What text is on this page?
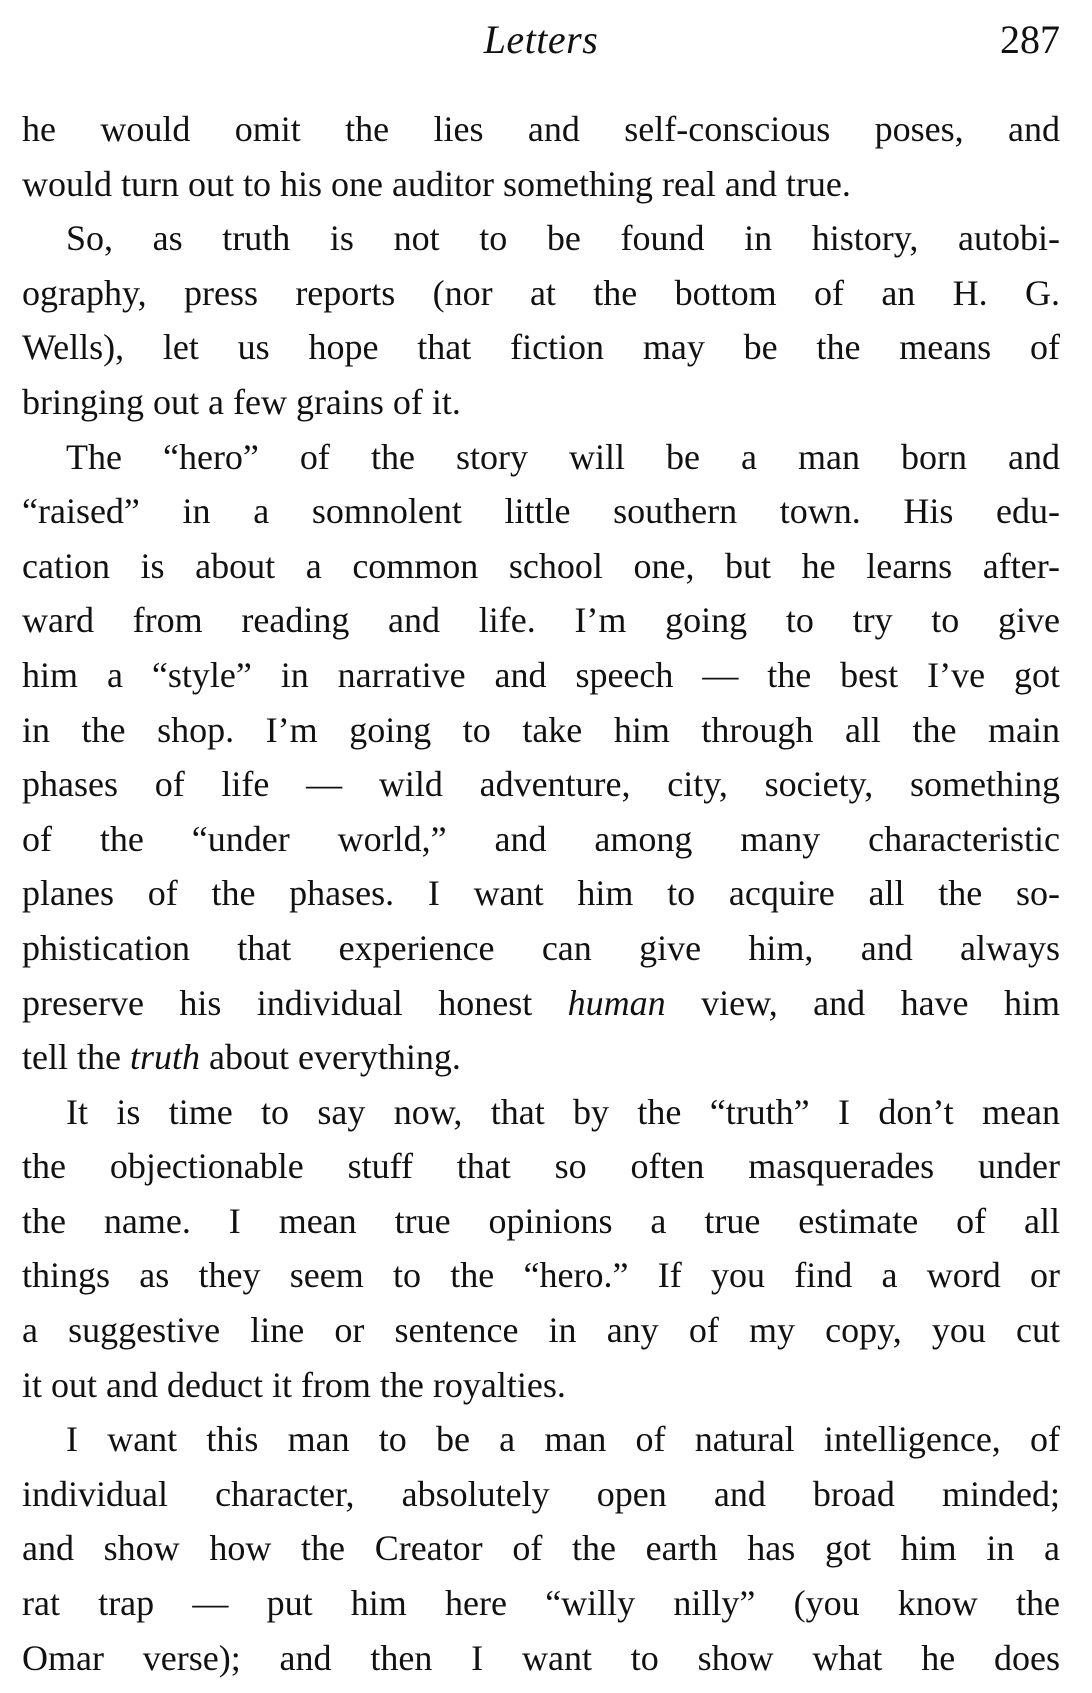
Letters	287

he would omit the lies and self-conscious poses, and

would turn out to his one auditor something real and true.

So, as truth is not to be found in history, autobi-

ography, press reports (nor at the bottom of an H. G.

Wells), let us hope that fiction may be the means of

bringing out a few grains of it.

The “hero” of the story will be a man born and

“raised” in a somnolent little southern town. His edu-

cation is about a common school one, but he learns after-

ward from reading and life. I’m going to try to give

him a “style” in narrative and speech — the best I’ve got

in the shop. I’m going to take him through all the main

phases of life — wild adventure, city, society, something

of the “under world,” and among many characteristic

planes of the phases. I want him to acquire all the so-

phistication that experience can give him, and always

preserve his individual honest human view, and have him

tell the truth about everything.

It is time to say now, that by the “truth” I don’t mean

the objectionable stuff that so often masquerades under

the name. I mean true opinions a true estimate of all

things as they seem to the “hero.” If you find a word or

a suggestive line or sentence in any of my copy, you cut

it out and deduct it from the royalties.

I want this man to be a man of natural intelligence, of

individual character, absolutely open and broad minded;

and show how the Creator of the earth has got him in a

rat trap — put him here “willy nilly” (you know the

Omar verse); and then I want to show what he does
